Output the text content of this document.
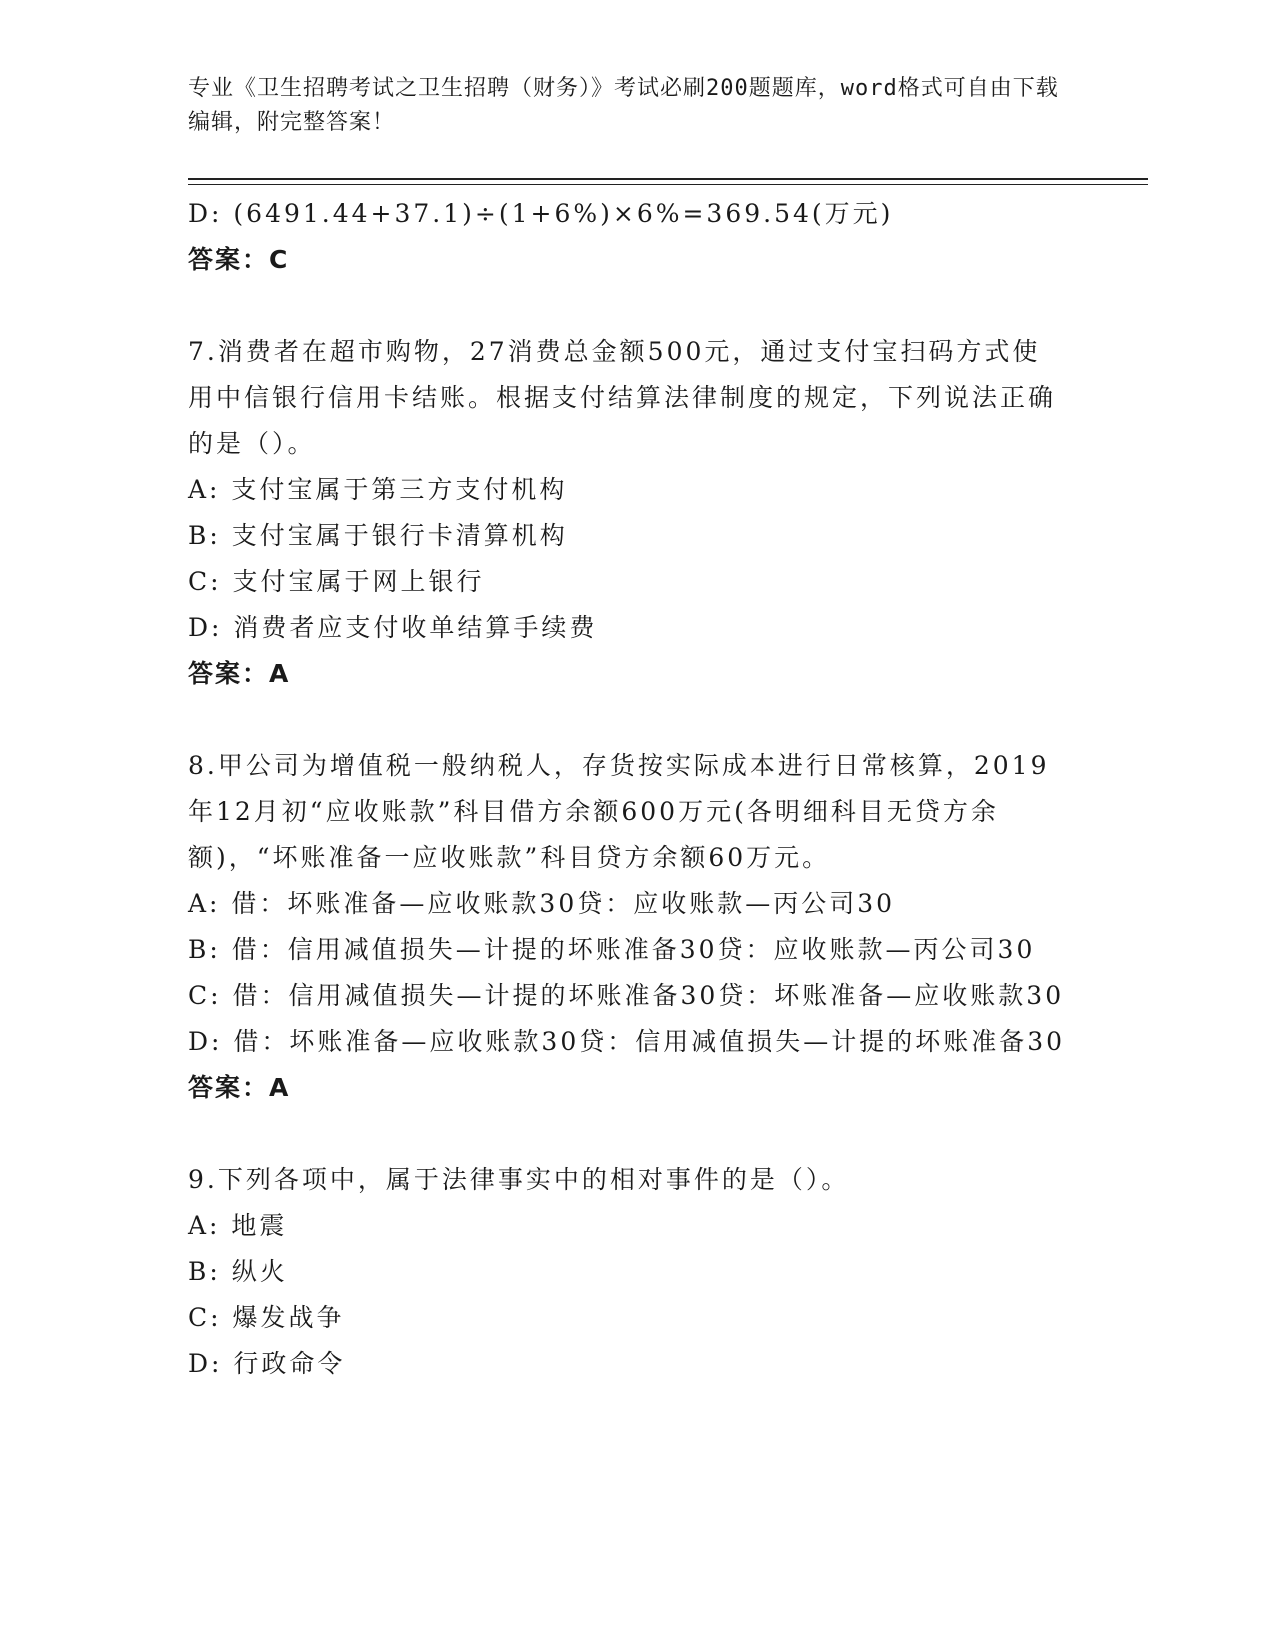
专业《卫生招聘考试之卫生招聘（财务）》考试必刷200题题库，word格式可自由下载编辑，附完整答案！
D: (6491.44+37.1)÷(1+6%)×6%=369.54(万元)
答案：C
7.消费者在超市购物，27消费总金额500元，通过支付宝扫码方式使用中信银行信用卡结账。根据支付结算法律制度的规定，下列说法正确的是（）。
A: 支付宝属于第三方支付机构
B: 支付宝属于银行卡清算机构
C: 支付宝属于网上银行
D: 消费者应支付收单结算手续费
答案：A
8.甲公司为增值税一般纳税人，存货按实际成本进行日常核算，2019年12月初“应收账款”科目借方余额600万元(各明细科目无贷方余额)，“坏账准备一应收账款”科目贷方余额60万元。
A: 借：坏账准备—应收账款30贷：应收账款—丙公司30
B: 借：信用减值损失—计提的坏账准备30贷：应收账款—丙公司30
C: 借：信用减值损失—计提的坏账准备30贷：坏账准备—应收账款30
D: 借：坏账准备—应收账款30贷：信用减值损失—计提的坏账准备30
答案：A
9.下列各项中，属于法律事实中的相对事件的是（）。
A: 地震
B: 纵火
C: 爆发战争
D: 行政命令
